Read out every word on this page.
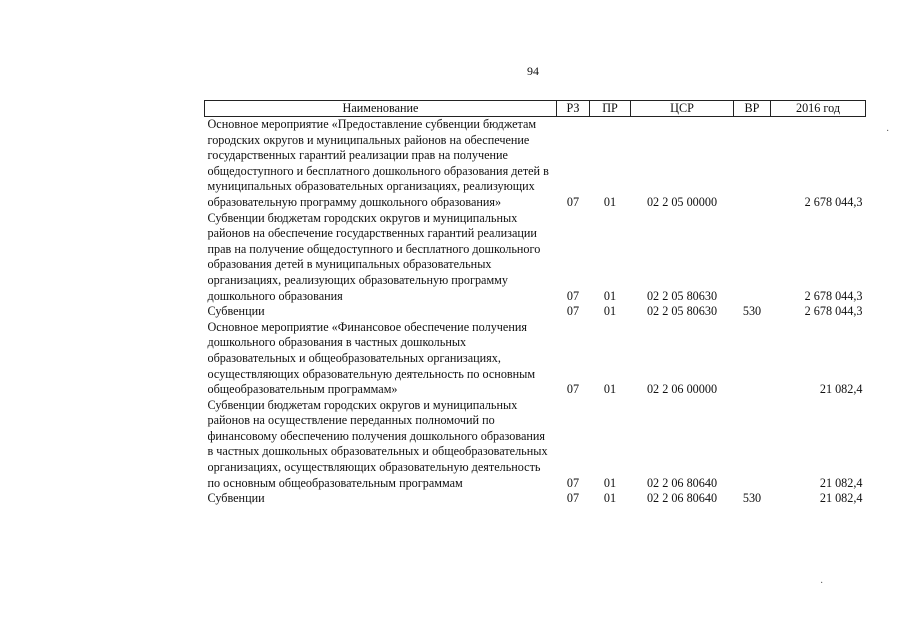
94
Наименование	РЗ	ПР	ЦСР	ВР	2016 год
Основное мероприятие «Предоставление субвенции бюджетам городских округов и муниципальных районов на обеспечение государственных гарантий реализации прав на получение общедоступного и бесплатного дошкольного образования детей в муниципальных образовательных организациях, реализующих образовательную программу дошкольного образования»	07	01	02 2 05 00000		2 678 044,3
Субвенции бюджетам городских округов и муниципальных районов на обеспечение государственных гарантий реализации прав на получение общедоступного и бесплатного дошкольного образования детей в муниципальных образовательных организациях, реализующих образовательную программу дошкольного образования	07	01	02 2 05 80630		2 678 044,3
Субвенции	07	01	02 2 05 80630	530	2 678 044,3
Основное мероприятие «Финансовое обеспечение получения дошкольного образования в частных дошкольных образовательных и общеобразовательных организациях, осуществляющих образовательную деятельность по основным общеобразовательным программам»	07	01	02 2 06 00000		21 082,4
Субвенции бюджетам городских округов и муниципальных районов на осуществление переданных полномочий по финансовому обеспечению получения дошкольного образования в частных дошкольных образовательных и общеобразовательных организациях, осуществляющих образовательную деятельность по основным общеобразовательным программам	07	01	02 2 06 80640		21 082,4
Субвенции	07	01	02 2 06 80640	530	21 082,4
·
·
